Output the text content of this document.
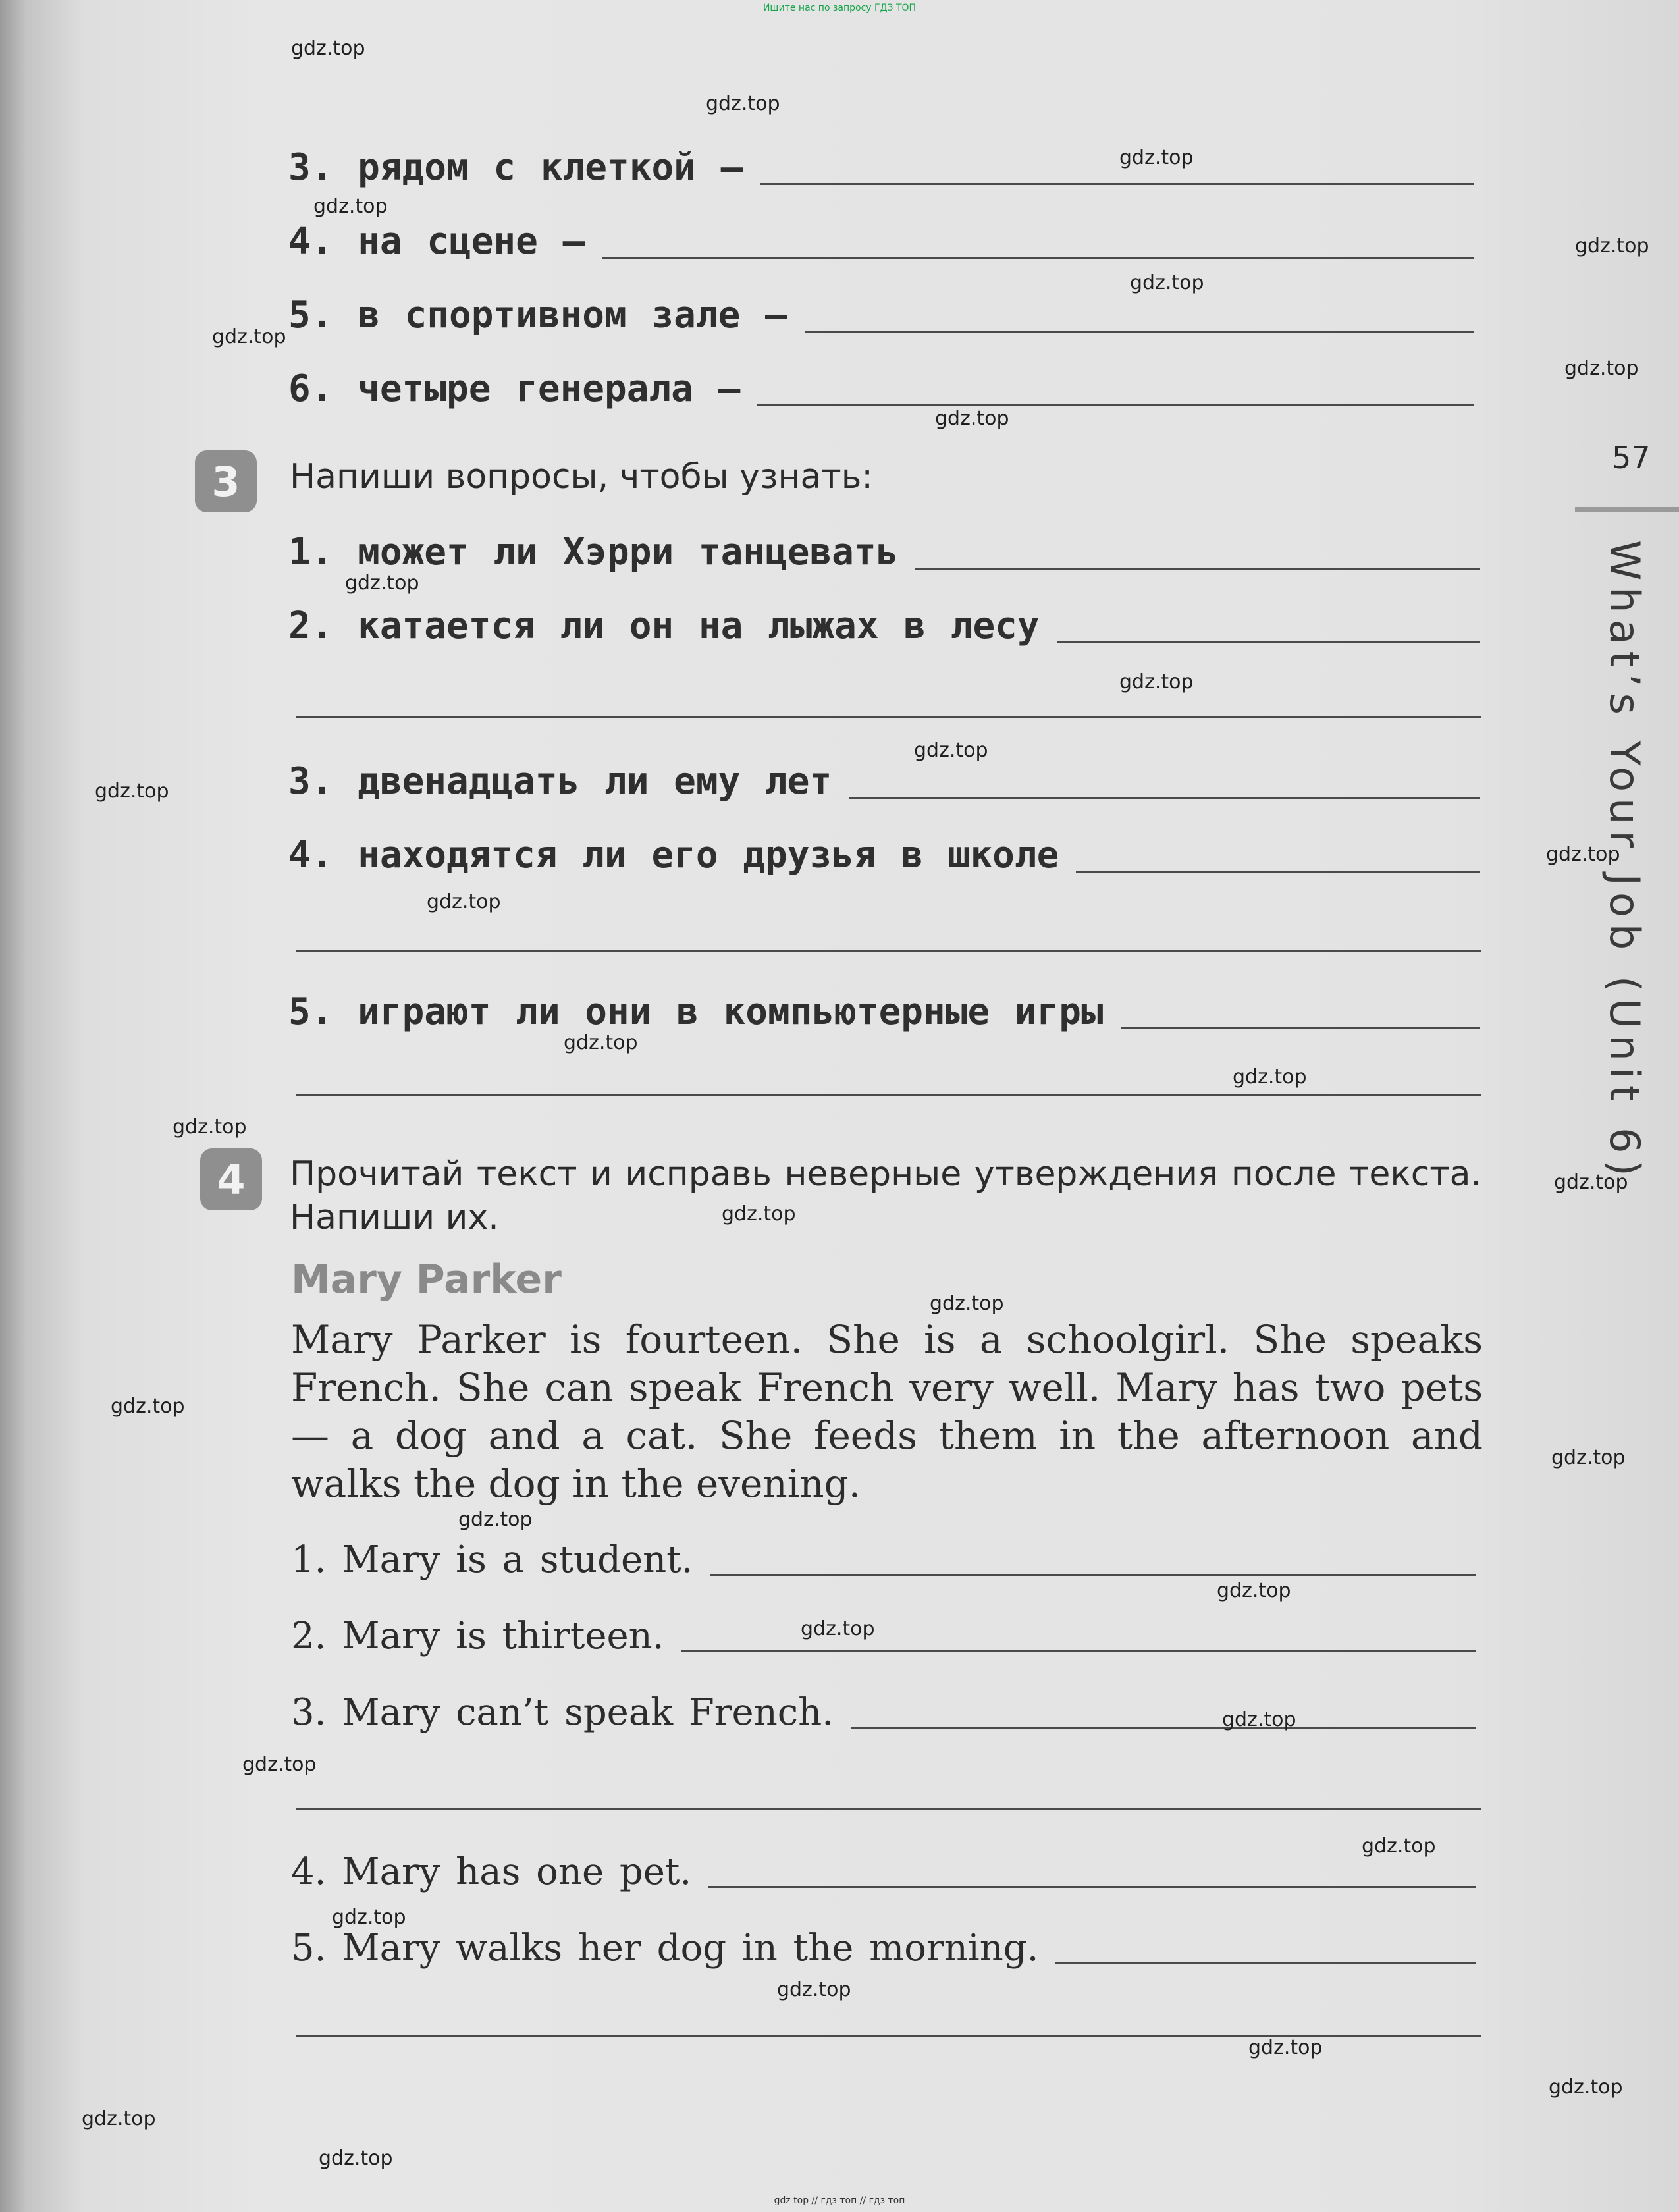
Ищите нас по запросу ГДЗ ТОП
3. рядом с клеткой —
4. на сцене —
5. в спортивном зале —
6. четыре генерала —
3	Напиши вопросы, чтобы узнать:
1. может ли Хэрри танцевать
2. катается ли он на лыжах в лесу
3. двенадцать ли ему лет
4. находятся ли его друзья в школе
5. играют ли они в компьютерные игры
4	Прочитай текст и исправь неверные утверждения после текста. Напиши их.
Mary Parker
Mary Parker is fourteen. She is a schoolgirl. She speaks French. She can speak French very well. Mary has two pets — a dog and a cat. She feeds them in the afternoon and walks the dog in the evening.
1. Mary is a student.
2. Mary is thirteen.
3. Mary can’t speak French.
4. Mary has one pet.
5. Mary walks her dog in the morning.
57
What’s Your Job (Unit 6)
gdz.top
gdz.top
gdz.top
gdz.top
gdz.top
gdz.top
gdz.top
gdz.top
gdz.top
gdz.top
gdz.top
gdz.top
gdz.top
gdz.top
gdz.top
gdz.top
gdz.top
gdz.top
gdz.top
gdz.top
gdz.top
gdz.top
gdz.top
gdz.top
gdz.top
gdz.top
gdz.top
gdz.top
gdz.top
gdz.top
gdz.top
gdz.top
gdz.top
gdz.top
gdz.top
gdz top // гдз топ // гдз топ
